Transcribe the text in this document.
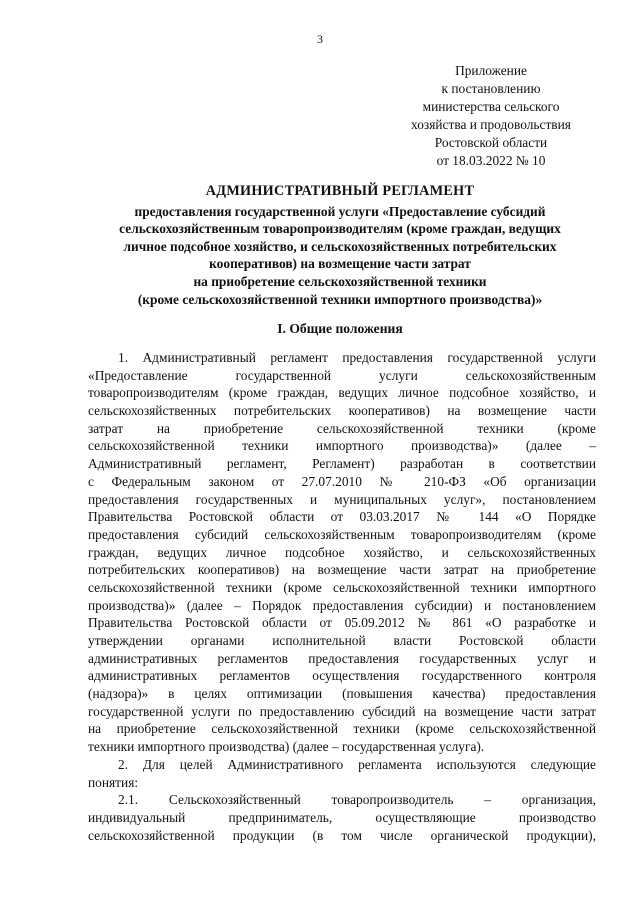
3
Приложение
к постановлению
министерства сельского
хозяйства и продовольствия
Ростовской области
от 18.03.2022 № 10
АДМИНИСТРАТИВНЫЙ РЕГЛАМЕНТ
предоставления государственной услуги «Предоставление субсидий
сельскохозяйственным товаропроизводителям (кроме граждан, ведущих
личное подсобное хозяйство, и сельскохозяйственных потребительских
кооперативов) на возмещение части затрат
на приобретение сельскохозяйственной техники
(кроме сельскохозяйственной техники импортного производства)»
I. Общие положения
1. Административный регламент предоставления государственной услуги
«Предоставление государственной услуги сельскохозяйственным
товаропроизводителям (кроме граждан, ведущих личное подсобное хозяйство, и
сельскохозяйственных потребительских кооперативов) на возмещение части
затрат на приобретение сельскохозяйственной техники (кроме
сельскохозяйственной техники импортного производства)» (далее –
Административный регламент, Регламент) разработан в соответствии
с Федеральным законом от 27.07.2010 № 210-ФЗ «Об организации
предоставления государственных и муниципальных услуг», постановлением
Правительства Ростовской области от 03.03.2017 № 144 «О Порядке
предоставления субсидий сельскохозяйственным товаропроизводителям (кроме
граждан, ведущих личное подсобное хозяйство, и сельскохозяйственных
потребительских кооперативов) на возмещение части затрат на приобретение
сельскохозяйственной техники (кроме сельскохозяйственной техники импортного
производства)» (далее – Порядок предоставления субсидии) и постановлением
Правительства Ростовской области от 05.09.2012 № 861 «О разработке и
утверждении органами исполнительной власти Ростовской области
административных регламентов предоставления государственных услуг и
административных регламентов осуществления государственного контроля
(надзора)» в целях оптимизации (повышения качества) предоставления
государственной услуги по предоставлению субсидий на возмещение части затрат
на приобретение сельскохозяйственной техники (кроме сельскохозяйственной
техники импортного производства) (далее – государственная услуга).
2. Для целей Административного регламента используются следующие
понятия:
2.1. Сельскохозяйственный товаропроизводитель – организация,
индивидуальный предприниматель, осуществляющие производство
сельскохозяйственной продукции (в том числе органической продукции),
